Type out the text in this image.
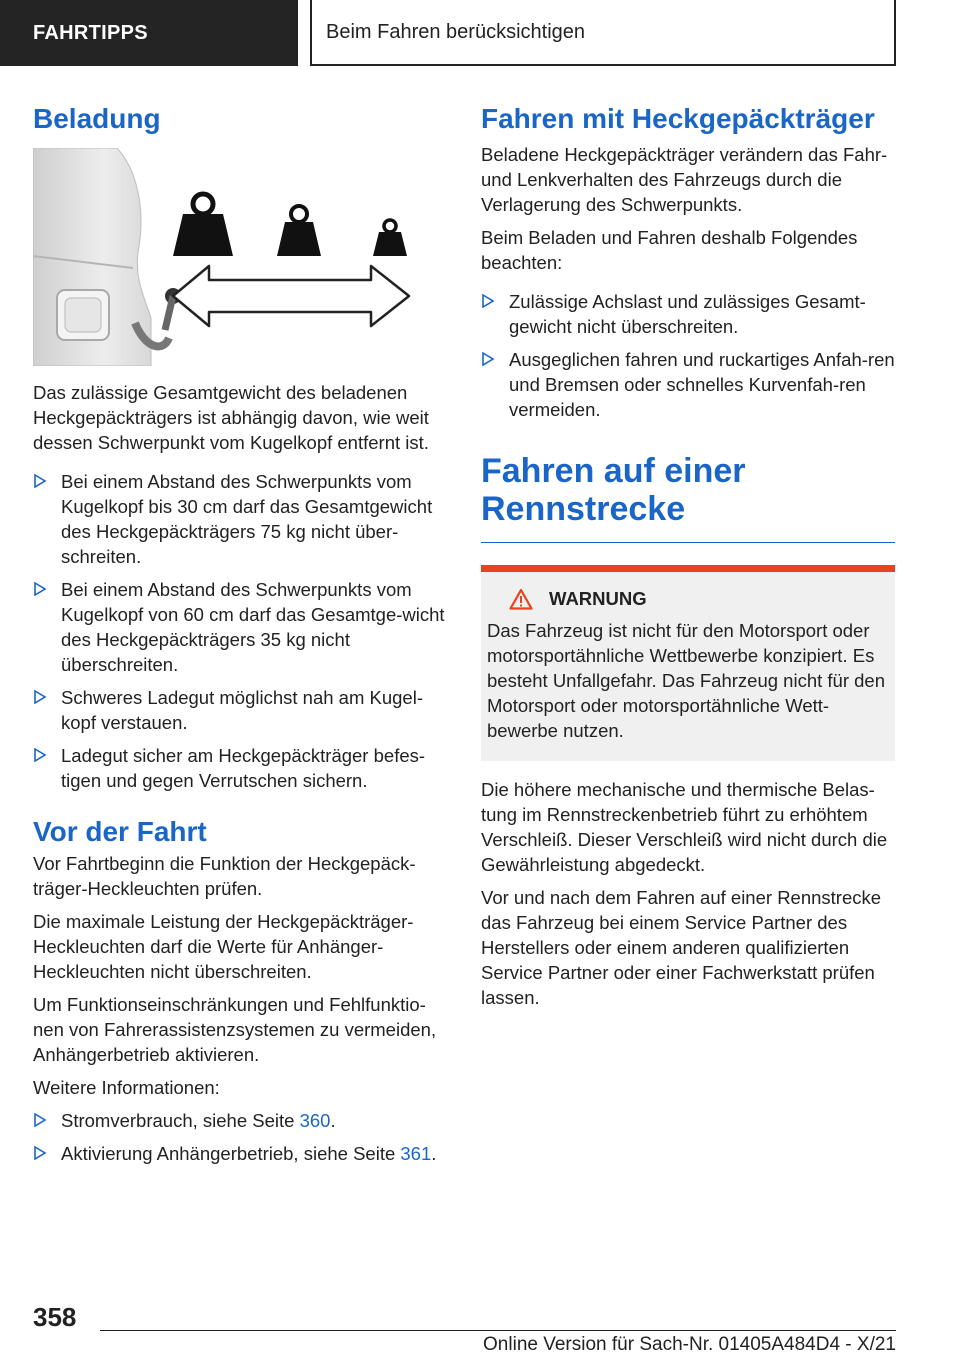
FAHRTIPPS	Beim Fahren berücksichtigen
Beladung

Das zulässige Gesamtgewicht des beladenen Heckgepäckträgers ist abhängig davon, wie weit dessen Schwerpunkt vom Kugelkopf entfernt ist.

Bei einem Abstand des Schwerpunkts vom Kugelkopf bis 30 cm darf das Gesamtgewicht des Heckgepäckträgers 75 kg nicht über-schreiten.
Bei einem Abstand des Schwerpunkts vom Kugelkopf von 60 cm darf das Gesamtge-wicht des Heckgepäckträgers 35 kg nicht überschreiten.
Schweres Ladegut möglichst nah am Kugel-kopf verstauen.
Ladegut sicher am Heckgepäckträger befes-tigen und gegen Verrutschen sichern.
Vor der Fahrt

Vor Fahrtbeginn die Funktion der Heckgepäck-träger-Heckleuchten prüfen.

Die maximale Leistung der Heckgepäckträger-Heckleuchten darf die Werte für Anhänger-Heckleuchten nicht überschreiten.

Um Funktionseinschränkungen und Fehlfunktio-nen von Fahrerassistenzsystemen zu vermeiden, Anhängerbetrieb aktivieren.

Weitere Informationen:

Stromverbrauch, siehe Seite 360.
Aktivierung Anhängerbetrieb, siehe Seite 361.
Fahren mit Heckgepäckträger

Beladene Heckgepäckträger verändern das Fahr- und Lenkverhalten des Fahrzeugs durch die Verlagerung des Schwerpunkts.

Beim Beladen und Fahren deshalb Folgendes beachten:

Zulässige Achslast und zulässiges Gesamt-gewicht nicht überschreiten.
Ausgeglichen fahren und ruckartiges Anfah-ren und Bremsen oder schnelles Kurvenfah-ren vermeiden.
Fahren auf einer Rennstrecke
WARNUNG

Das Fahrzeug ist nicht für den Motorsport oder motorsportähnliche Wettbewerbe konzipiert. Es besteht Unfallgefahr. Das Fahrzeug nicht für den Motorsport oder motorsportähnliche Wett-bewerbe nutzen.

Die höhere mechanische und thermische Belas-tung im Rennstreckenbetrieb führt zu erhöhtem Verschleiß. Dieser Verschleiß wird nicht durch die Gewährleistung abgedeckt.

Vor und nach dem Fahren auf einer Rennstrecke das Fahrzeug bei einem Service Partner des Herstellers oder einem anderen qualifizierten Service Partner oder einer Fachwerkstatt prüfen lassen.

358
Online Version für Sach-Nr. 01405A484D4 - X/21
